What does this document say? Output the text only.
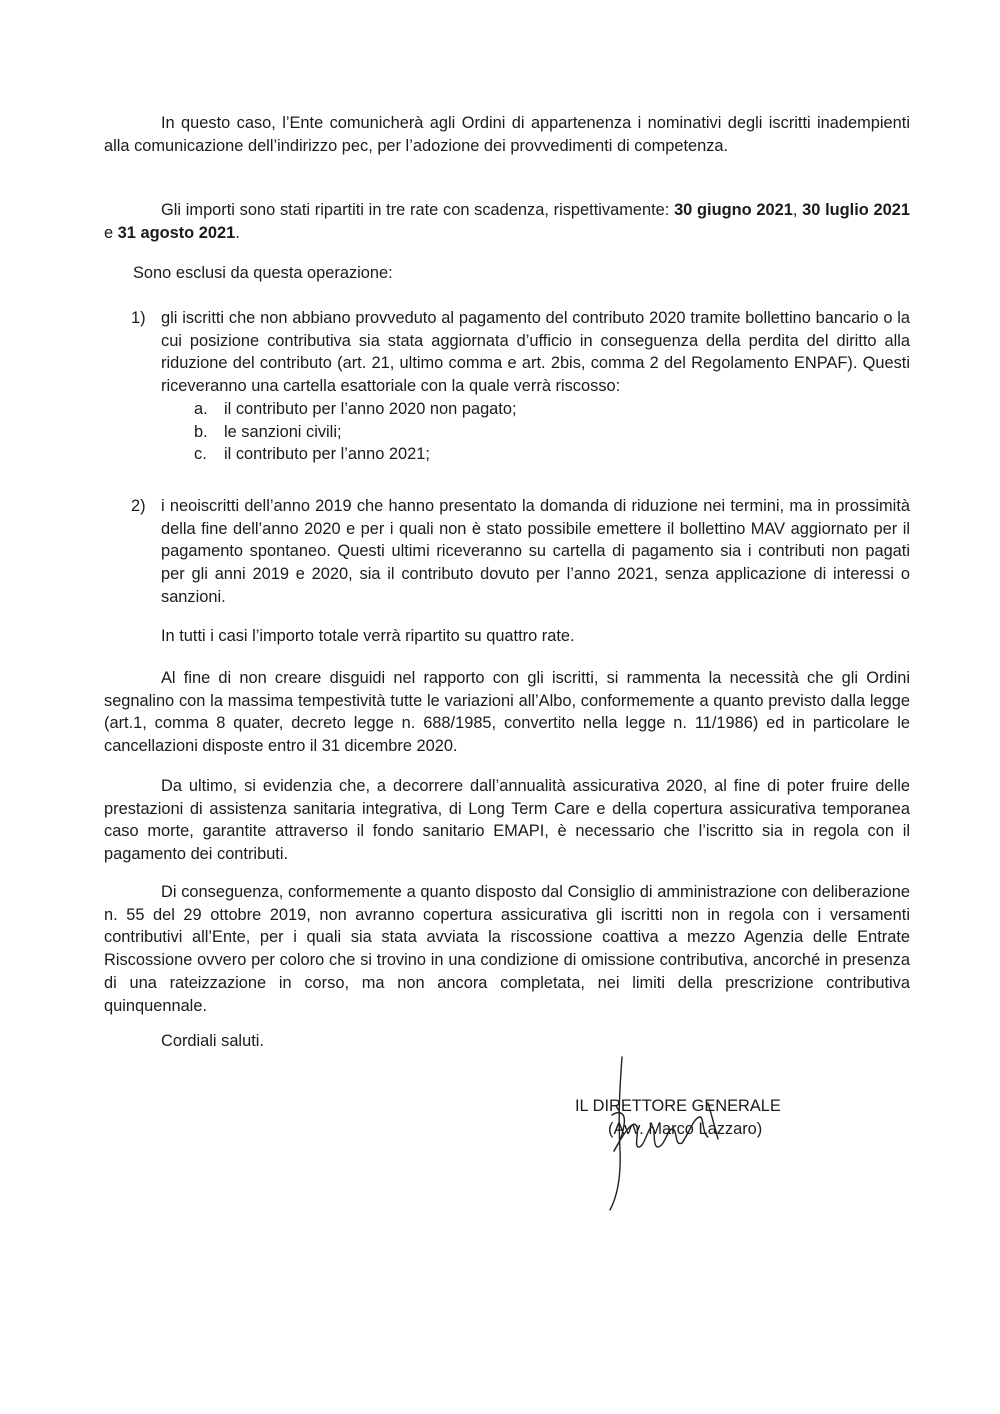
In questo caso, l’Ente comunicherà agli Ordini di appartenenza i nominativi degli iscritti inadempienti alla comunicazione dell’indirizzo pec, per l’adozione dei provvedimenti di competenza.

Gli importi sono stati ripartiti in tre rate con scadenza, rispettivamente: 30 giugno 2021, 30 luglio 2021 e 31 agosto 2021.

Sono esclusi da questa operazione:

1) gli iscritti che non abbiano provveduto al pagamento del contributo 2020 tramite bollettino bancario o la cui posizione contributiva sia stata aggiornata d’ufficio in conseguenza della perdita del diritto alla riduzione del contributo (art. 21, ultimo comma e art. 2bis, comma 2 del Regolamento ENPAF). Questi riceveranno una cartella esattoriale con la quale verrà riscosso:
a. il contributo per l’anno 2020 non pagato;
b. le sanzioni civili;
c. il contributo per l’anno 2021;
2) i neoiscritti dell’anno 2019 che hanno presentato la domanda di riduzione nei termini, ma in prossimità della fine dell’anno 2020 e per i quali non è stato possibile emettere il bollettino MAV aggiornato per il pagamento spontaneo. Questi ultimi riceveranno su cartella di pagamento sia i contributi non pagati per gli anni 2019 e 2020, sia il contributo dovuto per l’anno 2021, senza applicazione di interessi o sanzioni.

In tutti i casi l’importo totale verrà ripartito su quattro rate.

Al fine di non creare disguidi nel rapporto con gli iscritti, si rammenta la necessità che gli Ordini segnalino con la massima tempestività tutte le variazioni all’Albo, conformemente a quanto previsto dalla legge (art.1, comma 8 quater, decreto legge n. 688/1985, convertito nella legge n. 11/1986) ed in particolare le cancellazioni disposte entro il 31 dicembre 2020.

Da ultimo, si evidenzia che, a decorrere dall’annualità assicurativa 2020, al fine di poter fruire delle prestazioni di assistenza sanitaria integrativa, di Long Term Care e della copertura assicurativa temporanea caso morte, garantite attraverso il fondo sanitario EMAPI, è necessario che l’iscritto sia in regola con il pagamento dei contributi.

Di conseguenza, conformemente a quanto disposto dal Consiglio di amministrazione con deliberazione n. 55 del 29 ottobre 2019, non avranno copertura assicurativa gli iscritti non in regola con i versamenti contributivi all’Ente, per i quali sia stata avviata la riscossione coattiva a mezzo Agenzia delle Entrate Riscossione ovvero per coloro che si trovino in una condizione di omissione contributiva, ancorché in presenza di una rateizzazione in corso, ma non ancora completata, nei limiti della prescrizione contributiva quinquennale.

Cordiali saluti.

IL DIRETTORE GENERALE
(Avv. Marco Lazzaro)
